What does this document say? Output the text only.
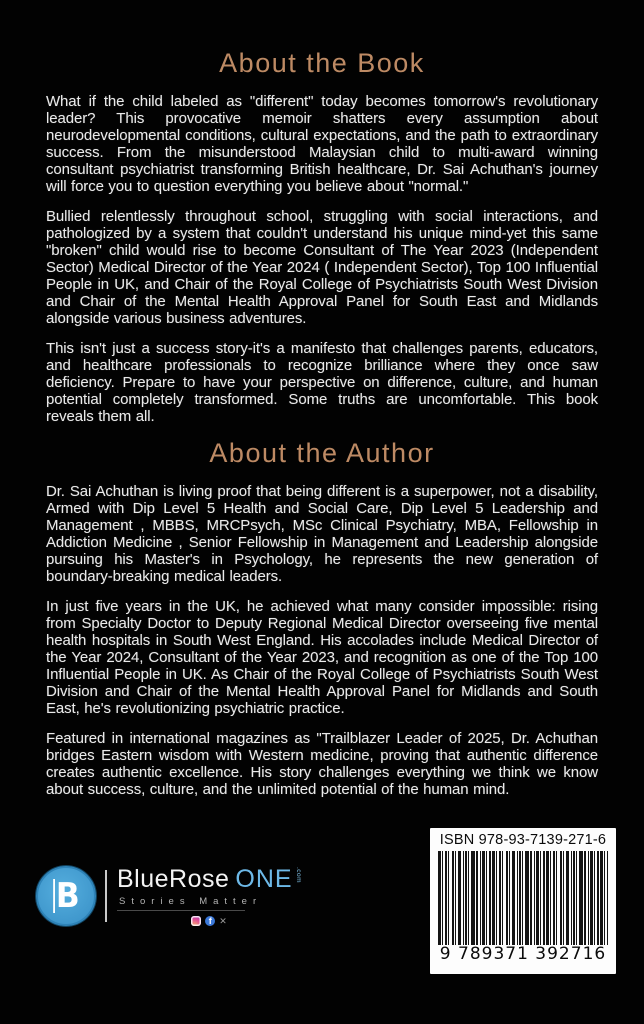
About the Book

What if the child labeled as "different" today becomes tomorrow's revolutionary leader? This provocative memoir shatters every assumption about neurodevelopmental conditions, cultural expectations, and the path to extraordinary success. From the misunderstood Malaysian child to multi-award winning consultant psychiatrist transforming British healthcare, Dr. Sai Achuthan's journey will force you to question everything you believe about "normal."

Bullied relentlessly throughout school, struggling with social interactions, and pathologized by a system that couldn't understand his unique mind-yet this same "broken" child would rise to become Consultant of The Year 2023 (Independent Sector) Medical Director of the Year 2024 ( Independent Sector), Top 100 Influential People in UK, and Chair of the Royal College of Psychiatrists South West Division and Chair of the Mental Health Approval Panel for South East and Midlands alongside various business adventures.

This isn't just a success story-it's a manifesto that challenges parents, educators, and healthcare professionals to recognize brilliance where they once saw deficiency. Prepare to have your perspective on difference, culture, and human potential completely transformed. Some truths are uncomfortable. This book reveals them all.

About the Author

Dr. Sai Achuthan is living proof that being different is a superpower, not a disability, Armed with Dip Level 5 Health and Social Care, Dip Level 5 Leadership and Management , MBBS, MRCPsych, MSc Clinical Psychiatry, MBA, Fellowship in Addiction Medicine , Senior Fellowship in Management and Leadership alongside pursuing his Master's in Psychology, he represents the new generation of boundary-breaking medical leaders.

In just five years in the UK, he achieved what many consider impossible: rising from Specialty Doctor to Deputy Regional Medical Director overseeing five mental health hospitals in South West England. His accolades include Medical Director of the Year 2024, Consultant of the Year 2023, and recognition as one of the Top 100 Influential People in UK. As Chair of the Royal College of Psychiatrists South West Division and Chair of the Mental Health Approval Panel for Midlands and South East, he's revolutionizing psychiatric practice.

Featured in international magazines as "Trailblazer Leader of 2025, Dr. Achuthan bridges Eastern wisdom with Western medicine, proving that authentic difference creates authentic excellence. His story challenges everything we think we know about success, culture, and the unlimited potential of the human mind.

B BlueRose ONE .com
Stories Matter
f ✕
ISBN 978-93-7139-271-6
9 789371 392716
